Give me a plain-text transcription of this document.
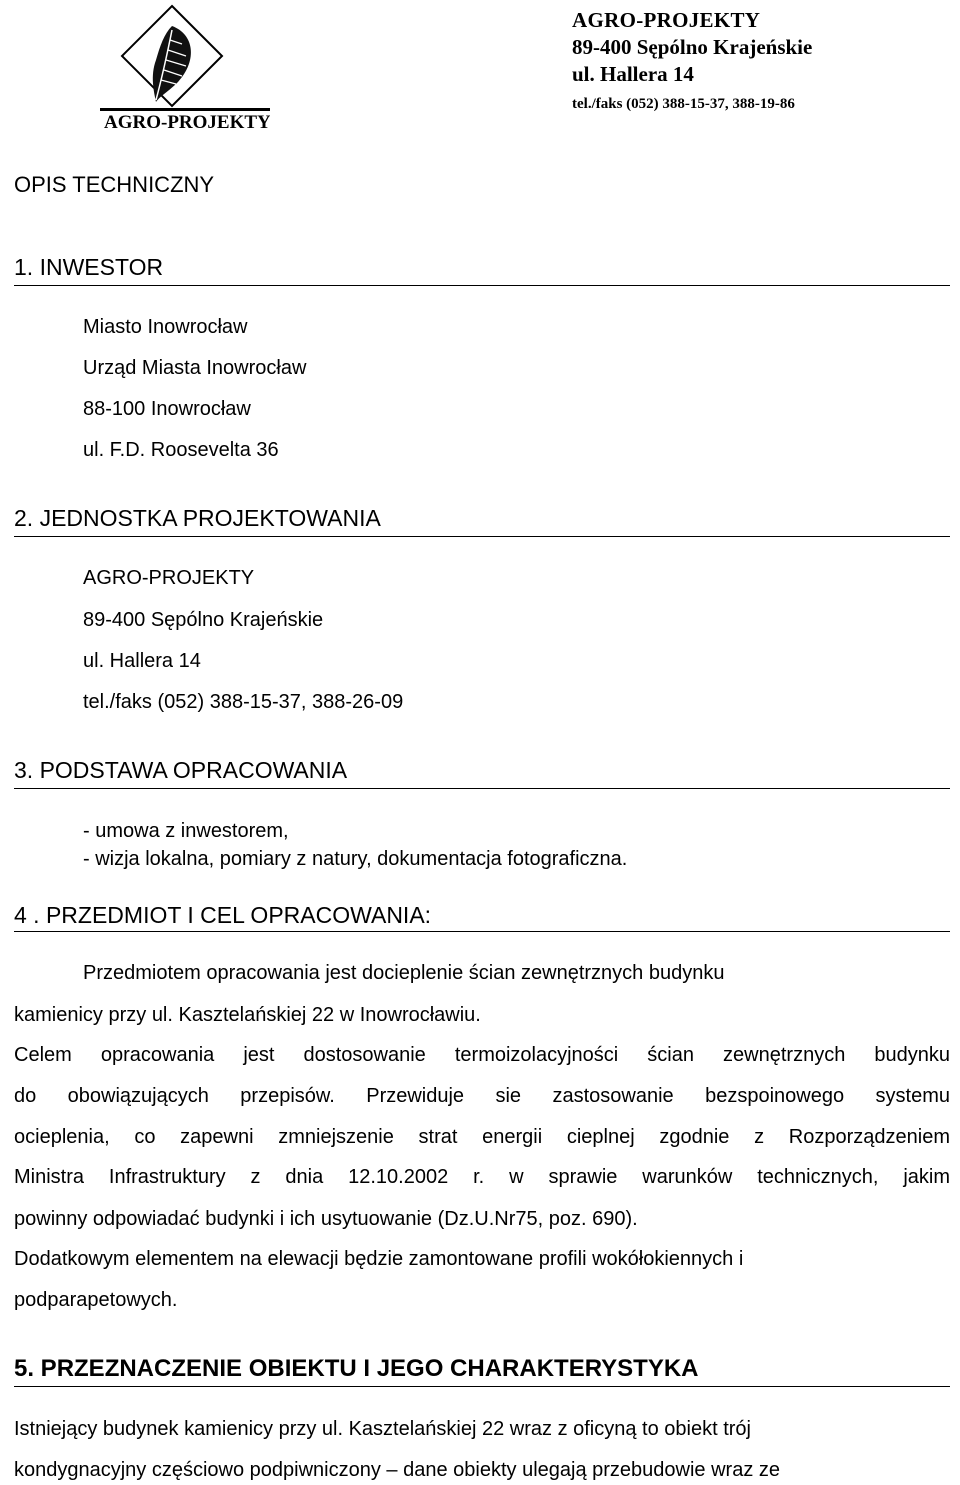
AGRO-PROJEKTY
AGRO-PROJEKTY
89-400 Sępólno Krajeńskie
ul. Hallera 14
tel./faks (052) 388-15-37, 388-19-86
OPIS TECHNICZNY
1. INWESTOR
Miasto Inowrocław
Urząd Miasta Inowrocław
88-100 Inowrocław
ul. F.D. Roosevelta 36
2. JEDNOSTKA PROJEKTOWANIA
AGRO-PROJEKTY
89-400 Sępólno Krajeńskie
ul. Hallera 14
tel./faks (052) 388-15-37, 388-26-09
3. PODSTAWA OPRACOWANIA
- umowa z inwestorem,
- wizja lokalna, pomiary z natury, dokumentacja fotograficzna.
4 . PRZEDMIOT I CEL OPRACOWANIA:
Przedmiotem opracowania jest docieplenie ścian zewnętrznych budynku
kamienicy przy ul. Kasztelańskiej 22 w Inowrocławiu.
Celem opracowania jest dostosowanie termoizolacyjności ścian zewnętrznych budynku
do obowiązujących przepisów. Przewiduje sie zastosowanie bezspoinowego systemu
ocieplenia, co zapewni zmniejszenie strat energii cieplnej zgodnie z Rozporządzeniem
Ministra Infrastruktury z dnia 12.10.2002 r. w sprawie warunków technicznych, jakim
powinny odpowiadać budynki i ich usytuowanie (Dz.U.Nr75, poz. 690).
Dodatkowym elementem na elewacji będzie zamontowane profili wokółokiennych i
podparapetowych.
5. PRZEZNACZENIE OBIEKTU I JEGO CHARAKTERYSTYKA
Istniejący budynek kamienicy przy ul. Kasztelańskiej 22 wraz z oficyną to obiekt trój
kondygnacyjny częściowo podpiwniczony – dane obiekty ulegają przebudowie wraz ze
